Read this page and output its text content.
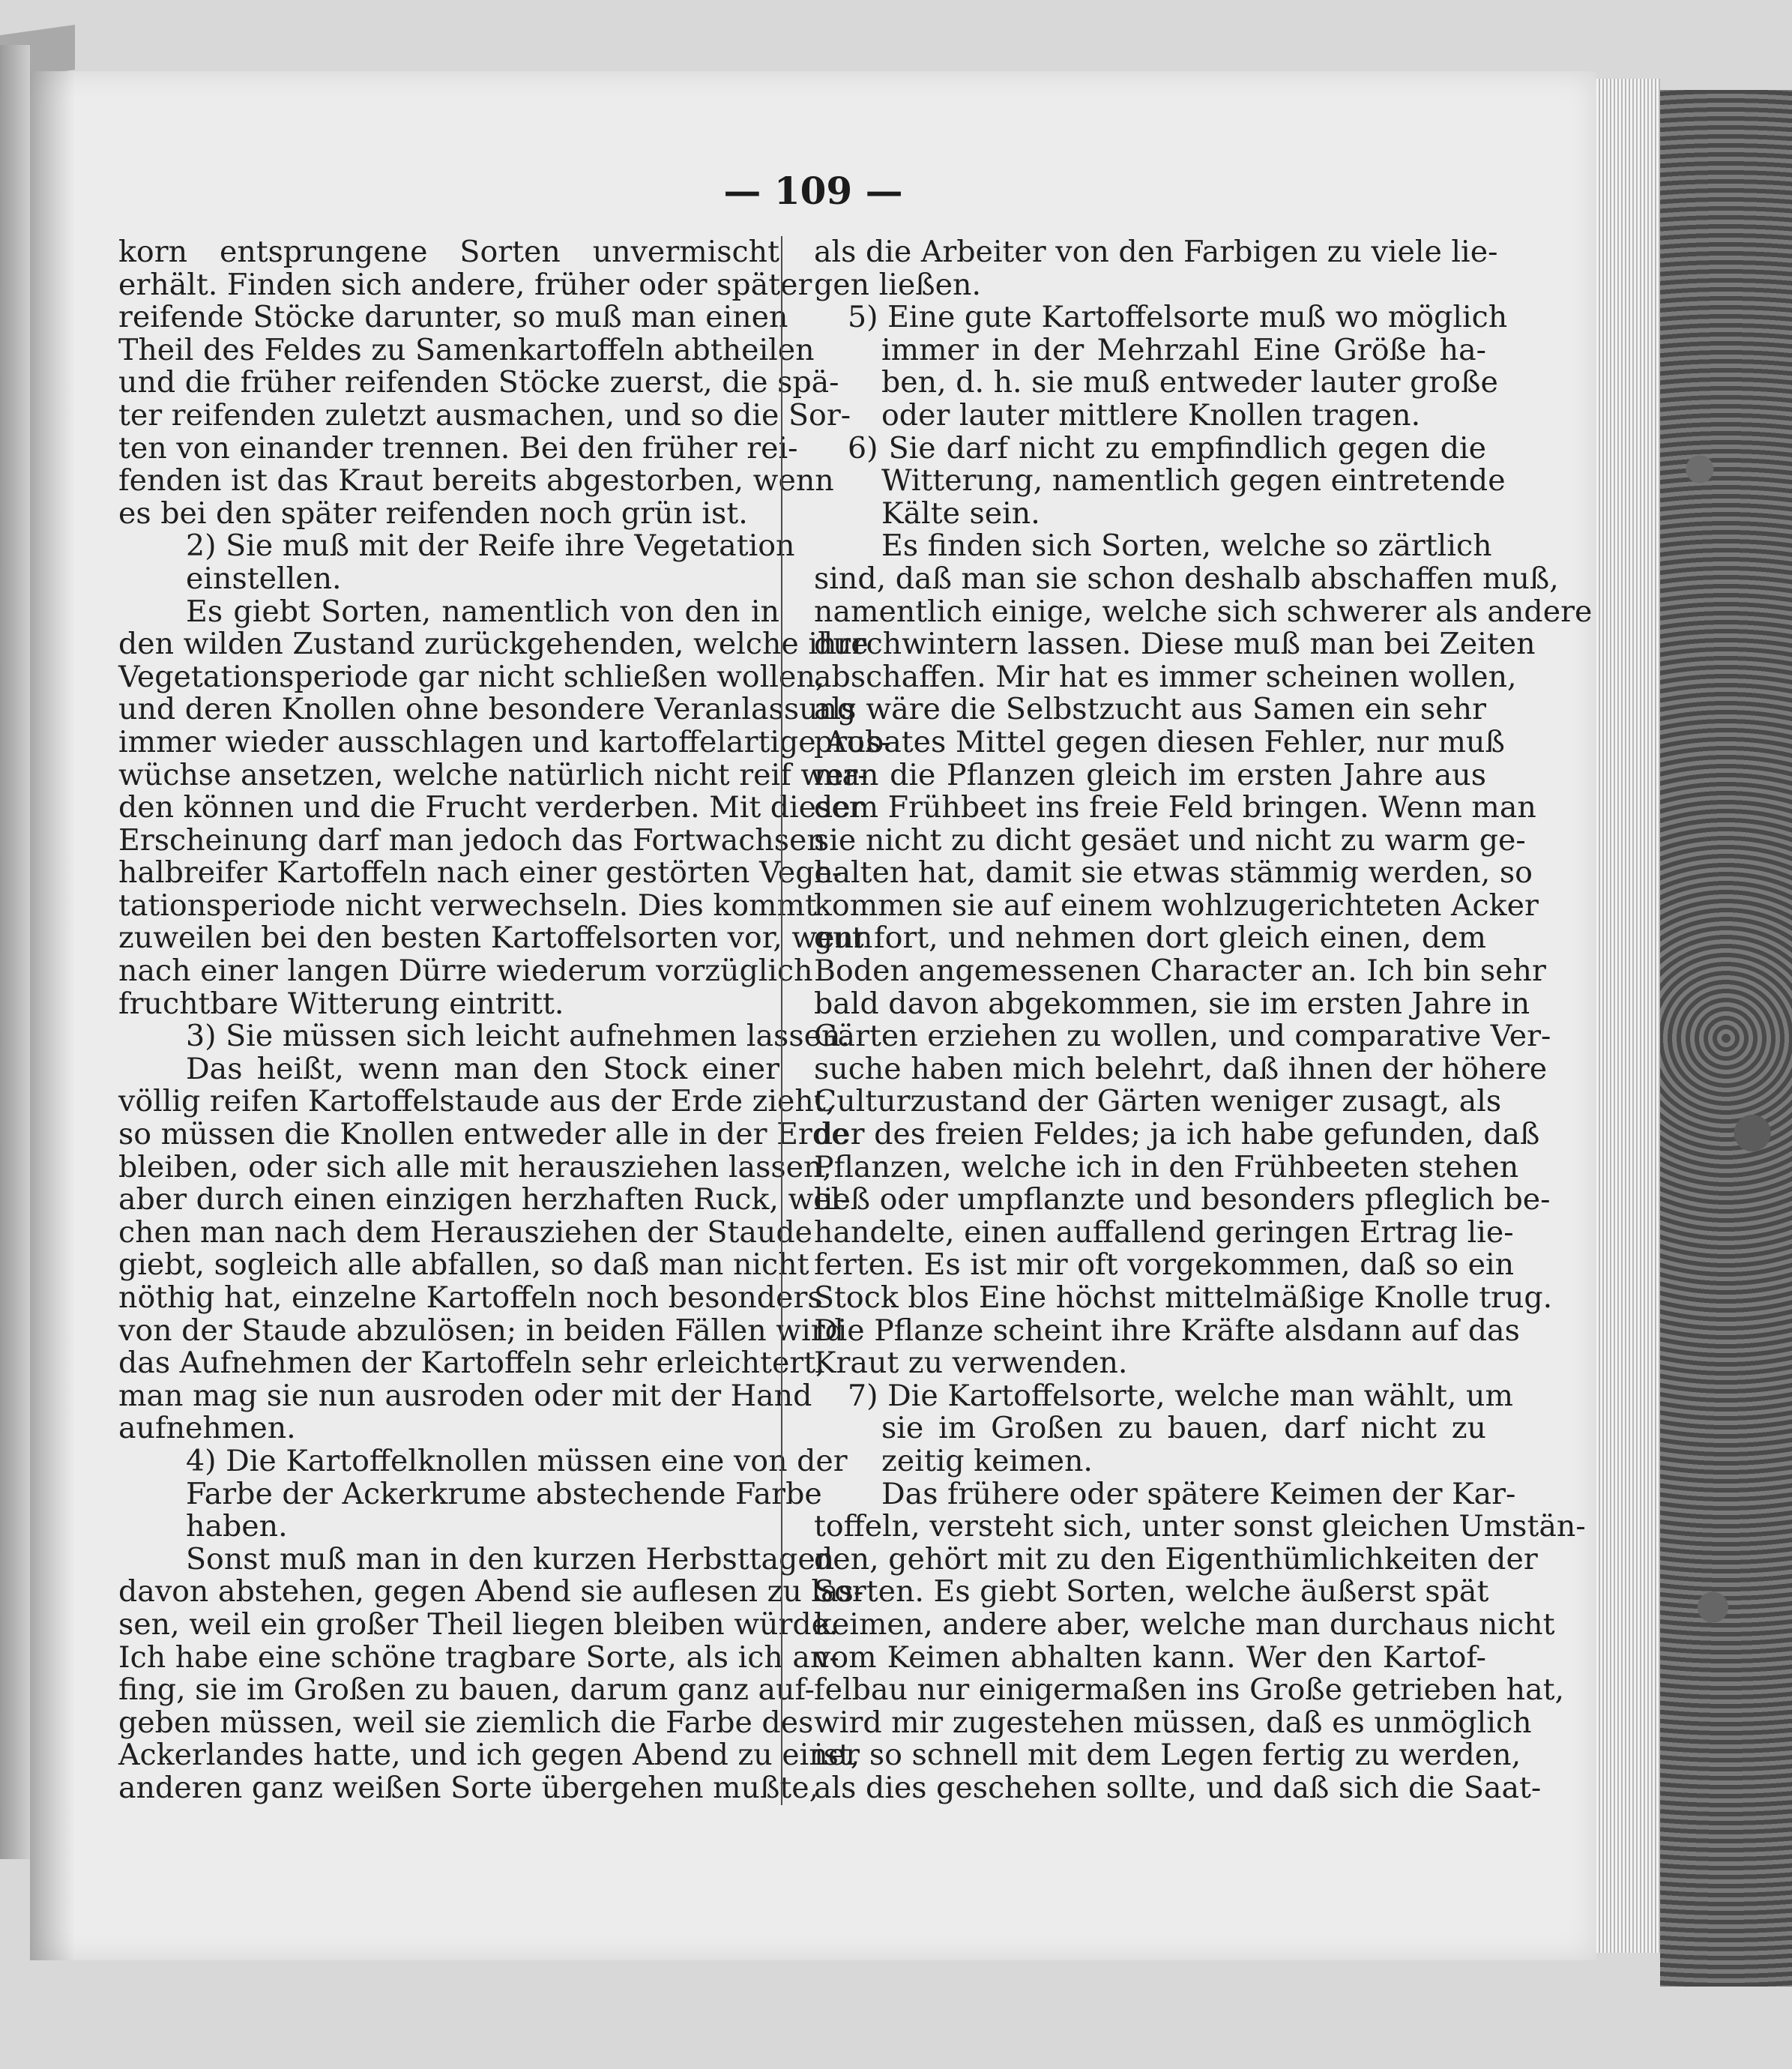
— 109 —
korn entsprungene Sorten unvermischt
erhält. Finden sich andere, früher oder später
reifende Stöcke darunter, so muß man einen
Theil des Feldes zu Samenkartoffeln abtheilen
und die früher reifenden Stöcke zuerst, die spä-
ter reifenden zuletzt ausmachen, und so die Sor-
ten von einander trennen. Bei den früher rei-
fenden ist das Kraut bereits abgestorben, wenn
es bei den später reifenden noch grün ist.
2) Sie muß mit der Reife ihre Vegetation
einstellen.
Es giebt Sorten, namentlich von den in
den wilden Zustand zurückgehenden, welche ihre
Vegetationsperiode gar nicht schließen wollen,
und deren Knollen ohne besondere Veranlassung
immer wieder ausschlagen und kartoffelartige Aus-
wüchse ansetzen, welche natürlich nicht reif wer-
den können und die Frucht verderben. Mit dieser
Erscheinung darf man jedoch das Fortwachsen
halbreifer Kartoffeln nach einer gestörten Vege-
tationsperiode nicht verwechseln. Dies kommt
zuweilen bei den besten Kartoffelsorten vor, wenn
nach einer langen Dürre wiederum vorzüglich
fruchtbare Witterung eintritt.
3) Sie müssen sich leicht aufnehmen lassen.
Das heißt, wenn man den Stock einer
völlig reifen Kartoffelstaude aus der Erde zieht,
so müssen die Knollen entweder alle in der Erde
bleiben, oder sich alle mit herausziehen lassen,
aber durch einen einzigen herzhaften Ruck, wel-
chen man nach dem Herausziehen der Staude
giebt, sogleich alle abfallen, so daß man nicht
nöthig hat, einzelne Kartoffeln noch besonders
von der Staude abzulösen; in beiden Fällen wird
das Aufnehmen der Kartoffeln sehr erleichtert,
man mag sie nun ausroden oder mit der Hand
aufnehmen.
4) Die Kartoffelknollen müssen eine von der
Farbe der Ackerkrume abstechende Farbe
haben.
Sonst muß man in den kurzen Herbsttagen
davon abstehen, gegen Abend sie auflesen zu las-
sen, weil ein großer Theil liegen bleiben würde.
Ich habe eine schöne tragbare Sorte, als ich an-
fing, sie im Großen zu bauen, darum ganz auf-
geben müssen, weil sie ziemlich die Farbe des
Ackerlandes hatte, und ich gegen Abend zu einer
anderen ganz weißen Sorte übergehen mußte,
als die Arbeiter von den Farbigen zu viele lie-
gen ließen.
5) Eine gute Kartoffelsorte muß wo möglich
immer in der Mehrzahl Eine Größe ha-
ben, d. h. sie muß entweder lauter große
oder lauter mittlere Knollen tragen.
6) Sie darf nicht zu empfindlich gegen die
Witterung, namentlich gegen eintretende
Kälte sein.
Es finden sich Sorten, welche so zärtlich
sind, daß man sie schon deshalb abschaffen muß,
namentlich einige, welche sich schwerer als andere
durchwintern lassen. Diese muß man bei Zeiten
abschaffen. Mir hat es immer scheinen wollen,
als wäre die Selbstzucht aus Samen ein sehr
probates Mittel gegen diesen Fehler, nur muß
man die Pflanzen gleich im ersten Jahre aus
dem Frühbeet ins freie Feld bringen. Wenn man
sie nicht zu dicht gesäet und nicht zu warm ge-
halten hat, damit sie etwas stämmig werden, so
kommen sie auf einem wohlzugerichteten Acker
gut fort, und nehmen dort gleich einen, dem
Boden angemessenen Character an. Ich bin sehr
bald davon abgekommen, sie im ersten Jahre in
Gärten erziehen zu wollen, und comparative Ver-
suche haben mich belehrt, daß ihnen der höhere
Culturzustand der Gärten weniger zusagt, als
der des freien Feldes; ja ich habe gefunden, daß
Pflanzen, welche ich in den Frühbeeten stehen
ließ oder umpflanzte und besonders pfleglich be-
handelte, einen auffallend geringen Ertrag lie-
ferten. Es ist mir oft vorgekommen, daß so ein
Stock blos Eine höchst mittelmäßige Knolle trug.
Die Pflanze scheint ihre Kräfte alsdann auf das
Kraut zu verwenden.
7) Die Kartoffelsorte, welche man wählt, um
sie im Großen zu bauen, darf nicht zu
zeitig keimen.
Das frühere oder spätere Keimen der Kar-
toffeln, versteht sich, unter sonst gleichen Umstän-
den, gehört mit zu den Eigenthümlichkeiten der
Sorten. Es giebt Sorten, welche äußerst spät
keimen, andere aber, welche man durchaus nicht
vom Keimen abhalten kann. Wer den Kartof-
felbau nur einigermaßen ins Große getrieben hat,
wird mir zugestehen müssen, daß es unmöglich
ist, so schnell mit dem Legen fertig zu werden,
als dies geschehen sollte, und daß sich die Saat-
